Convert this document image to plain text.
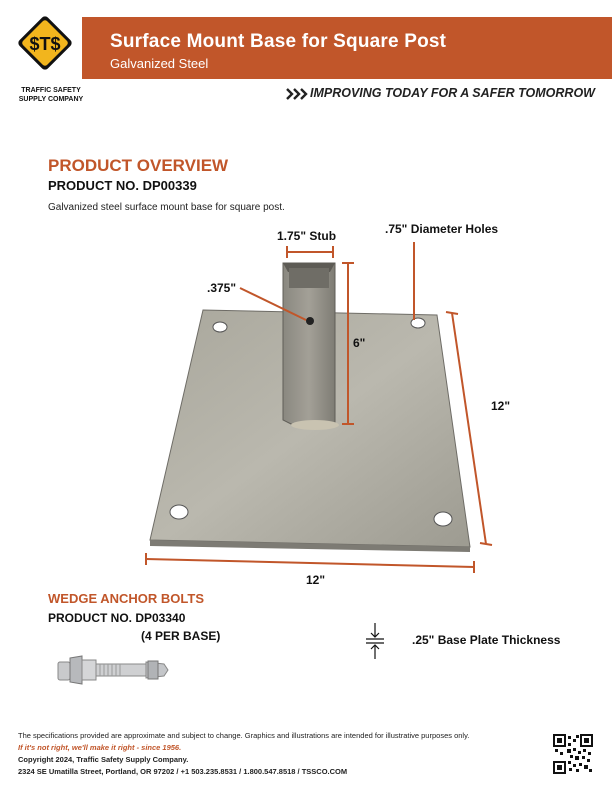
$T$
TRAFFIC SAFETY
SUPPLY COMPANY
Surface Mount Base for Square Post
Galvanized Steel
IMPROVING TODAY FOR A SAFER TOMORROW
PRODUCT OVERVIEW
PRODUCT NO. DP00339
Galvanized steel surface mount base for square post.
1.75" Stub	.75" Diameter Holes
.375"
6"
12"
12"
WEDGE ANCHOR BOLTS
PRODUCT NO. DP03340
(4 PER BASE)	.25" Base Plate Thickness
The specifications provided are approximate and subject to change. Graphics and illustrations are intended for illustrative purposes only.
If it's not right, we'll make it right - since 1956.
Copyright 2024, Traffic Safety Supply Company.
2324 SE Umatilla Street, Portland, OR 97202 / +1 503.235.8531 / 1.800.547.8518 / TSSCO.COM
